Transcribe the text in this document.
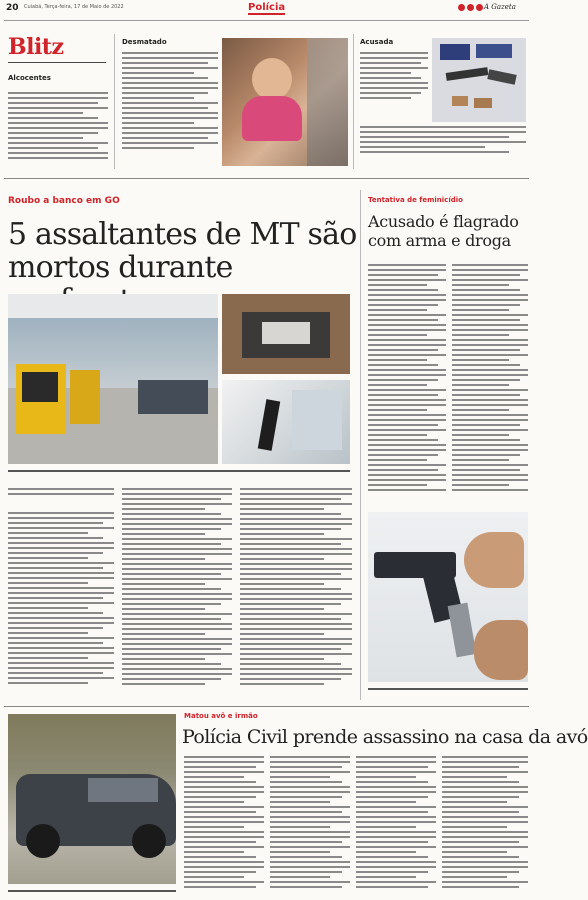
20 Cuiabá, Terça-feira, 17 de Maio de 2022	Polícia	A Gazeta
Blitz
Alcocentes
Desmatado	Acusada
Roubo a banco em GO
5 assaltantes de MT são
mortos durante
Tentativa de feminicídio
Acusado é flagrado
com arma e droga
Matou avô e irmão
Polícia Civil prende assassino na casa da avó
